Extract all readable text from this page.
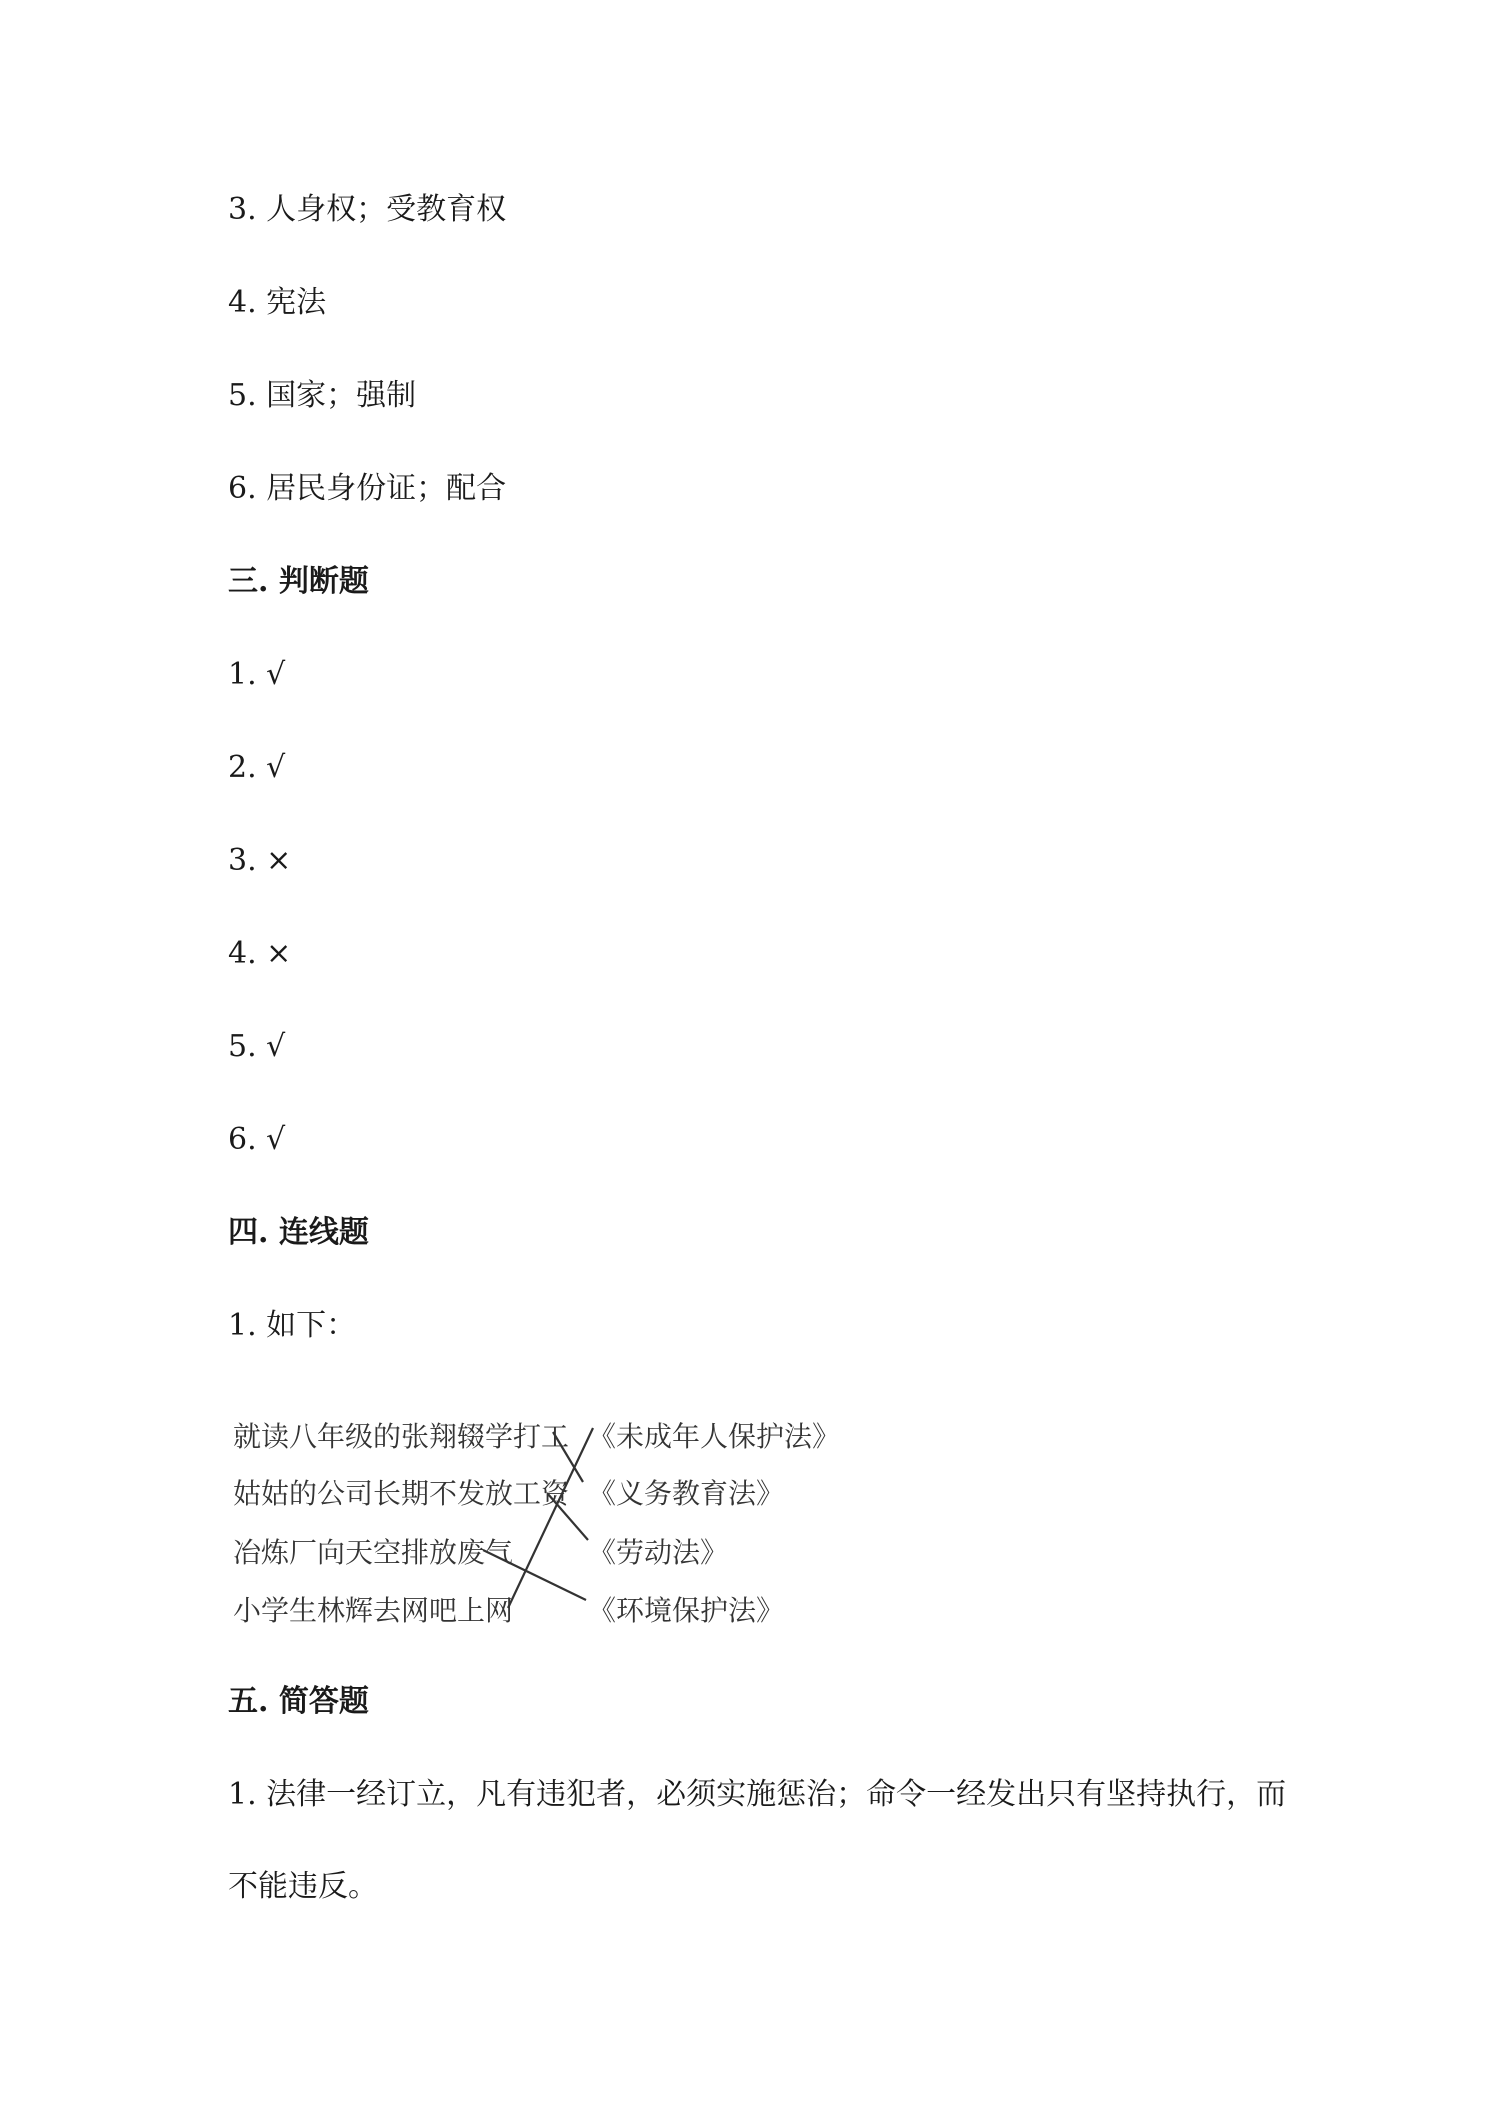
3. 人身权；受教育权
4. 宪法
5. 国家；强制
6. 居民身份证；配合
三. 判断题
1. √
2. √
3. ×
4. ×
5. √
6. √
四. 连线题
1. 如下：
就读八年级的张翔辍学打工
姑姑的公司长期不发放工资
冶炼厂向天空排放废气
小学生林辉去网吧上网
《未成年人保护法》
《义务教育法》
《劳动法》
《环境保护法》
五. 简答题
1. 法律一经订立，凡有违犯者，必须实施惩治；命令一经发出只有坚持执行，而
不能违反。
